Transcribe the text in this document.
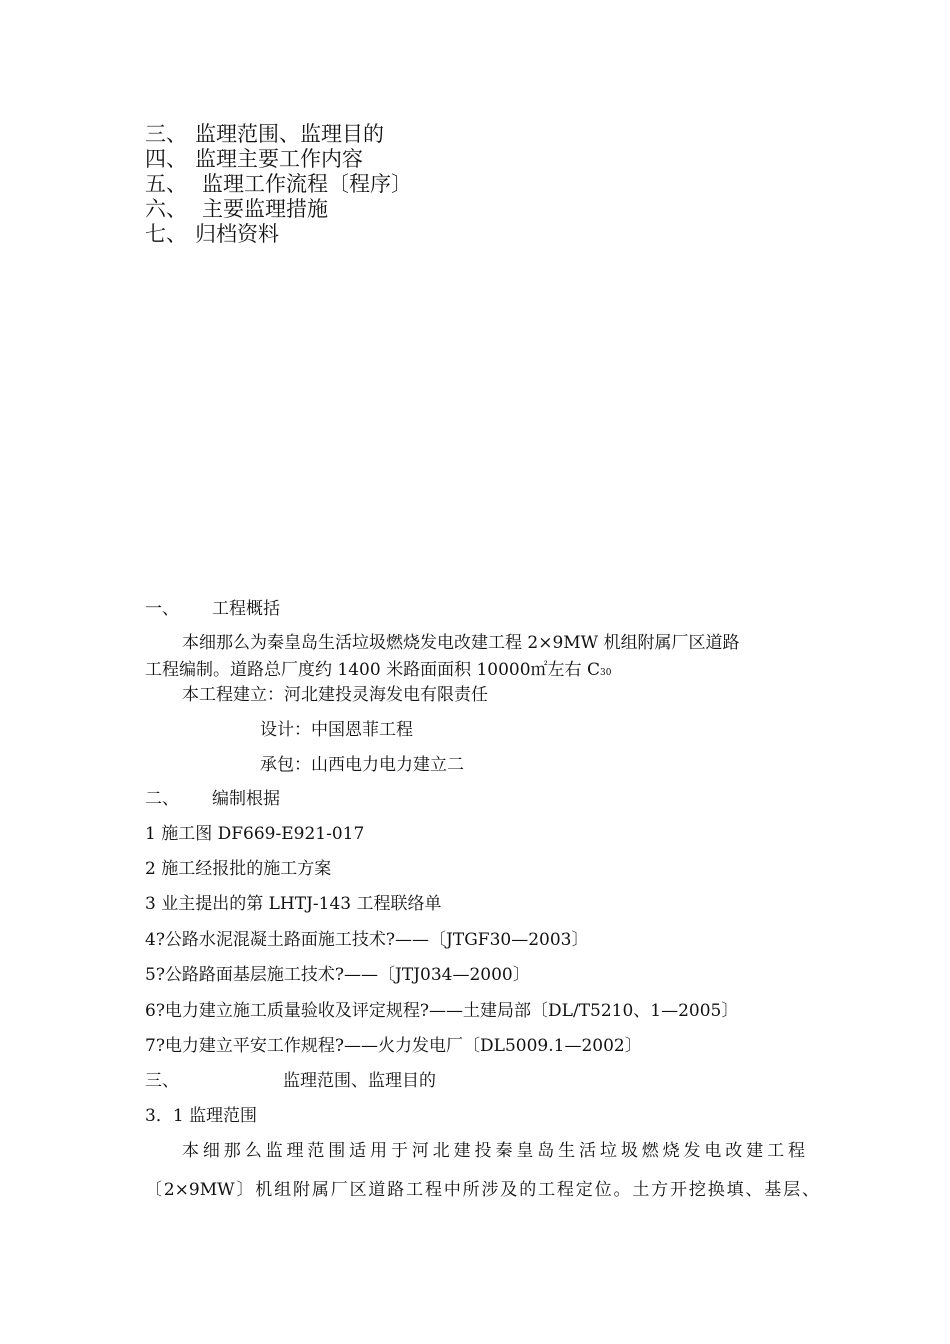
三、 监理范围、监理目的
四、 监理主要工作内容
五、 监理工作流程〔程序〕
六、 主要监理措施
七、 归档资料
一、	工程概括
本细那么为秦皇岛生活垃圾燃烧发电改建工程 2×9MW 机组附属厂区道路
工程编制。道路总厂度约 1400 米路面面积 10000㎡左右 C30
本工程建立：河北建投灵海发电有限责任
设计：中国恩菲工程
承包：山西电力电力建立二
二、	编制根据
1 施工图 DF669-E921-017
2 施工经报批的施工方案
3 业主提出的第 LHTJ-143 工程联络单
4?公路水泥混凝土路面施工技术?——〔JTGF30—2003〕
5?公路路面基层施工技术?——〔JTJ034—2000〕
6?电力建立施工质量验收及评定规程?——土建局部〔DL/T5210、1—2005〕
7?电力建立平安工作规程?——火力发电厂〔DL5009.1—2002〕
三、	监理范围、监理目的
3．1 监理范围
本细那么监理范围适用于河北建投秦皇岛生活垃圾燃烧发电改建工程
〔2×9MW〕机组附属厂区道路工程中所涉及的工程定位。土方开挖换填、基层、
